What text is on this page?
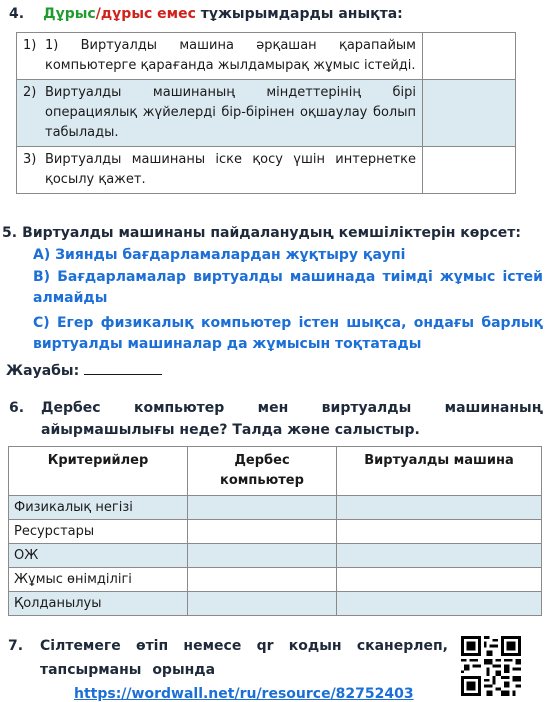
4. Дұрыс/дұрыс емес тұжырымдарды анықта:
1) 1) Виртуалды машина әрқашан қарапайым компьютерге қарағанда жылдамырақ жұмыс істейді.	

2) Виртуалды машинаның міндеттерінің бірі операциялық жүйелерді бір-бірінен оқшаулау болып табылады.	

3) Виртуалды машинаны іске қосу үшін интернетке қосылу қажет.	

5. Виртуалды машинаны пайдаланудың кемшіліктерін көрсет:
A) Зиянды бағдарламалардан жұқтыру қаупі
B) Бағдарламалар виртуалды машинада тиімді жұмыс істей алмайды
C) Егер физикалық компьютер істен шықса, ондағы барлық виртуалды машиналар да жұмысын тоқтатады
Жауабы:
6.	Дербес компьютер мен виртуалды машинаның
айырмашылығы неде? Талда және салыстыр.
Критерийлер	Дербес компьютер	Виртуалды машина
Физикалық негізі		
Ресурстары		
ОЖ		
Жұмыс өнімділігі		
Қолданылуы		
7.	Сілтемеге өтіп немесе qr кодын сканерлеп,
тапсырманы орында
https://wordwall.net/ru/resource/82752403
